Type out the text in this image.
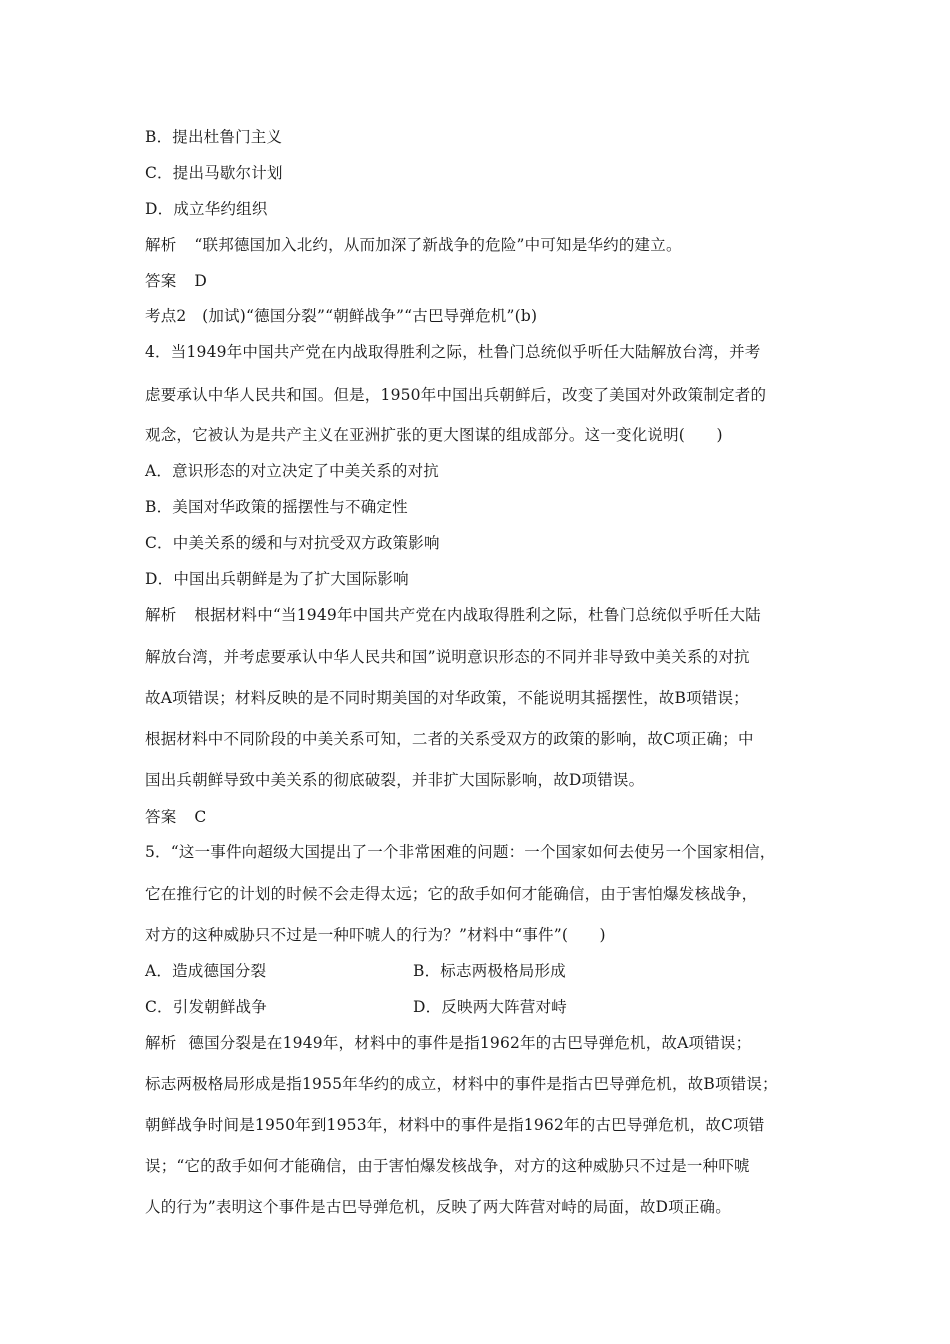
B．提出杜鲁门主义
C．提出马歇尔计划
D．成立华约组织
解析 “联邦德国加入北约，从而加深了新战争的危险”中可知是华约的建立。
答案 D
考点2　(加试)“德国分裂”“朝鲜战争”“古巴导弹危机”(b)
4．当1949年中国共产党在内战取得胜利之际，杜鲁门总统似乎听任大陆解放台湾，并考
虑要承认中华人民共和国。但是，1950年中国出兵朝鲜后，改变了美国对外政策制定者的
观念，它被认为是共产主义在亚洲扩张的更大图谋的组成部分。这一变化说明(　　)
A．意识形态的对立决定了中美关系的对抗
B．美国对华政策的摇摆性与不确定性
C．中美关系的缓和与对抗受双方政策影响
D．中国出兵朝鲜是为了扩大国际影响
解析 根据材料中“当1949年中国共产党在内战取得胜利之际，杜鲁门总统似乎听任大陆
解放台湾，并考虑要承认中华人民共和国”说明意识形态的不同并非导致中美关系的对抗
故A项错误；材料反映的是不同时期美国的对华政策，不能说明其摇摆性，故B项错误；
根据材料中不同阶段的中美关系可知，二者的关系受双方的政策的影响，故C项正确；中
国出兵朝鲜导致中美关系的彻底破裂，并非扩大国际影响，故D项错误。
答案 C
5．“这一事件向超级大国提出了一个非常困难的问题：一个国家如何去使另一个国家相信，
它在推行它的计划的时候不会走得太远；它的敌手如何才能确信，由于害怕爆发核战争，
对方的这种威胁只不过是一种吓唬人的行为？”材料中“事件”(　　)
A．造成德国分裂	B．标志两极格局形成
C．引发朝鲜战争	D．反映两大阵营对峙
解析 德国分裂是在1949年，材料中的事件是指1962年的古巴导弹危机，故A项错误；
标志两极格局形成是指1955年华约的成立，材料中的事件是指古巴导弹危机，故B项错误；
朝鲜战争时间是1950年到1953年，材料中的事件是指1962年的古巴导弹危机，故C项错
误；“它的敌手如何才能确信，由于害怕爆发核战争，对方的这种威胁只不过是一种吓唬
人的行为”表明这个事件是古巴导弹危机，反映了两大阵营对峙的局面，故D项正确。
